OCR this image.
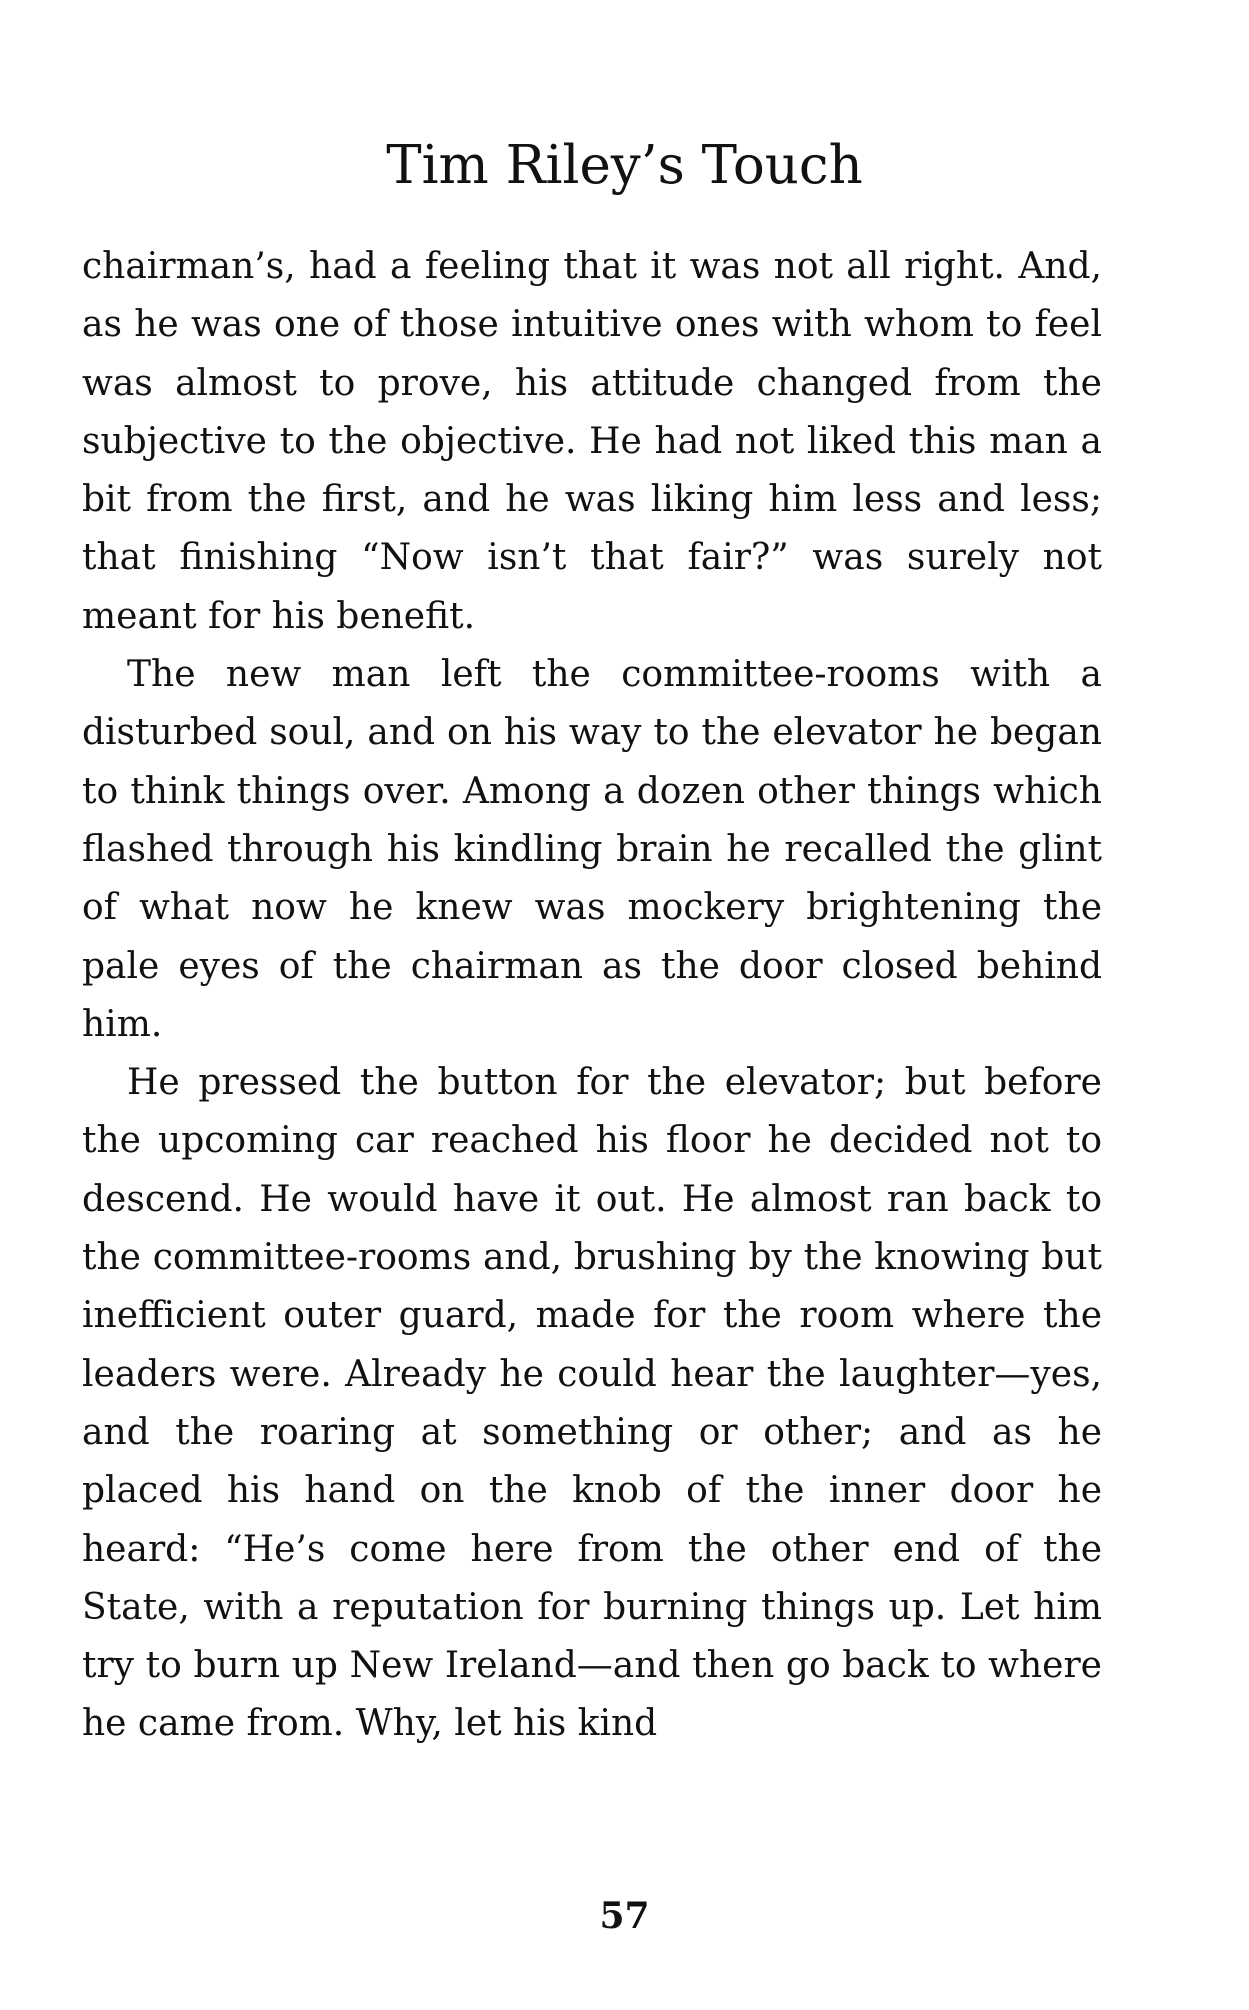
Tim Riley’s Touch

chairman’s, had a feeling that it was not all right. And, as he was one of those intuitive ones with whom to feel was almost to prove, his attitude changed from the subjective to the objective. He had not liked this man a bit from the first, and he was liking him less and less; that finishing “Now isn’t that fair?” was surely not meant for his benefit.

The new man left the committee-rooms with a disturbed soul, and on his way to the elevator he began to think things over. Among a dozen other things which flashed through his kindling brain he recalled the glint of what now he knew was mockery brightening the pale eyes of the chairman as the door closed behind him.

He pressed the button for the elevator; but before the upcoming car reached his floor he decided not to descend. He would have it out. He almost ran back to the committee-rooms and, brushing by the knowing but inefficient outer guard, made for the room where the leaders were. Already he could hear the laughter—yes, and the roaring at something or other; and as he placed his hand on the knob of the inner door he heard: “He’s come here from the other end of the State, with a reputation for burning things up. Let him try to burn up New Ireland—and then go back to where he came from. Why, let his kind

57
